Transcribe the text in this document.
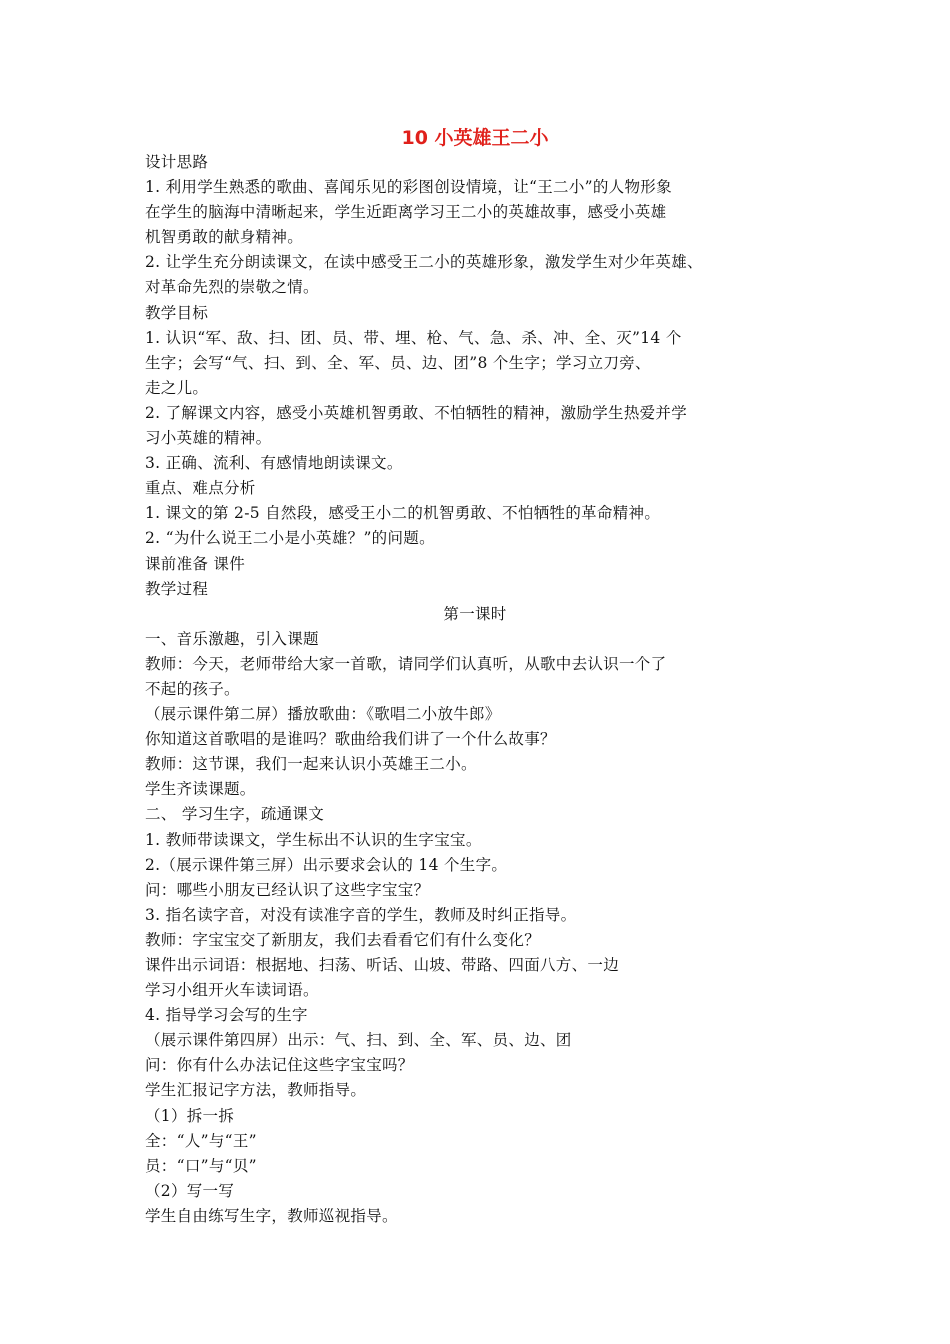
10 小英雄王二小
设计思路
1. 利用学生熟悉的歌曲、喜闻乐见的彩图创设情境，让“王二小”的人物形象
在学生的脑海中清晰起来，学生近距离学习王二小的英雄故事，感受小英雄
机智勇敢的献身精神。
2. 让学生充分朗读课文，在读中感受王二小的英雄形象，激发学生对少年英雄、
对革命先烈的崇敬之情。
教学目标
1. 认识“军、敌、扫、团、员、带、埋、枪、气、急、杀、冲、全、灭”14 个
生字；会写“气、扫、到、全、军、员、边、团”8 个生字；学习立刀旁、
走之儿。
2. 了解课文内容，感受小英雄机智勇敢、不怕牺牲的精神，激励学生热爱并学
习小英雄的精神。
3. 正确、流利、有感情地朗读课文。
重点、难点分析
1. 课文的第 2-5 自然段，感受王小二的机智勇敢、不怕牺牲的革命精神。
2. “为什么说王二小是小英雄？”的问题。
课前准备 课件
教学过程
第一课时
一、音乐激趣，引入课题
教师：今天，老师带给大家一首歌，请同学们认真听，从歌中去认识一个了
不起的孩子。
（展示课件第二屏）播放歌曲：《歌唱二小放牛郎》
你知道这首歌唱的是谁吗？歌曲给我们讲了一个什么故事？
教师：这节课，我们一起来认识小英雄王二小。
学生齐读课题。
二、 学习生字，疏通课文
1. 教师带读课文，学生标出不认识的生字宝宝。
2.（展示课件第三屏）出示要求会认的 14 个生字。
问：哪些小朋友已经认识了这些字宝宝？
3. 指名读字音，对没有读准字音的学生，教师及时纠正指导。
教师：字宝宝交了新朋友，我们去看看它们有什么变化？
课件出示词语：根据地、扫荡、听话、山坡、带路、四面八方、一边
学习小组开火车读词语。
4. 指导学习会写的生字
（展示课件第四屏）出示：气、扫、到、全、军、员、边、团
问：你有什么办法记住这些字宝宝吗？
学生汇报记字方法，教师指导。
（1）拆一拆
全：“人”与“王”
员：“口”与“贝”
（2）写一写
学生自由练写生字，教师巡视指导。
